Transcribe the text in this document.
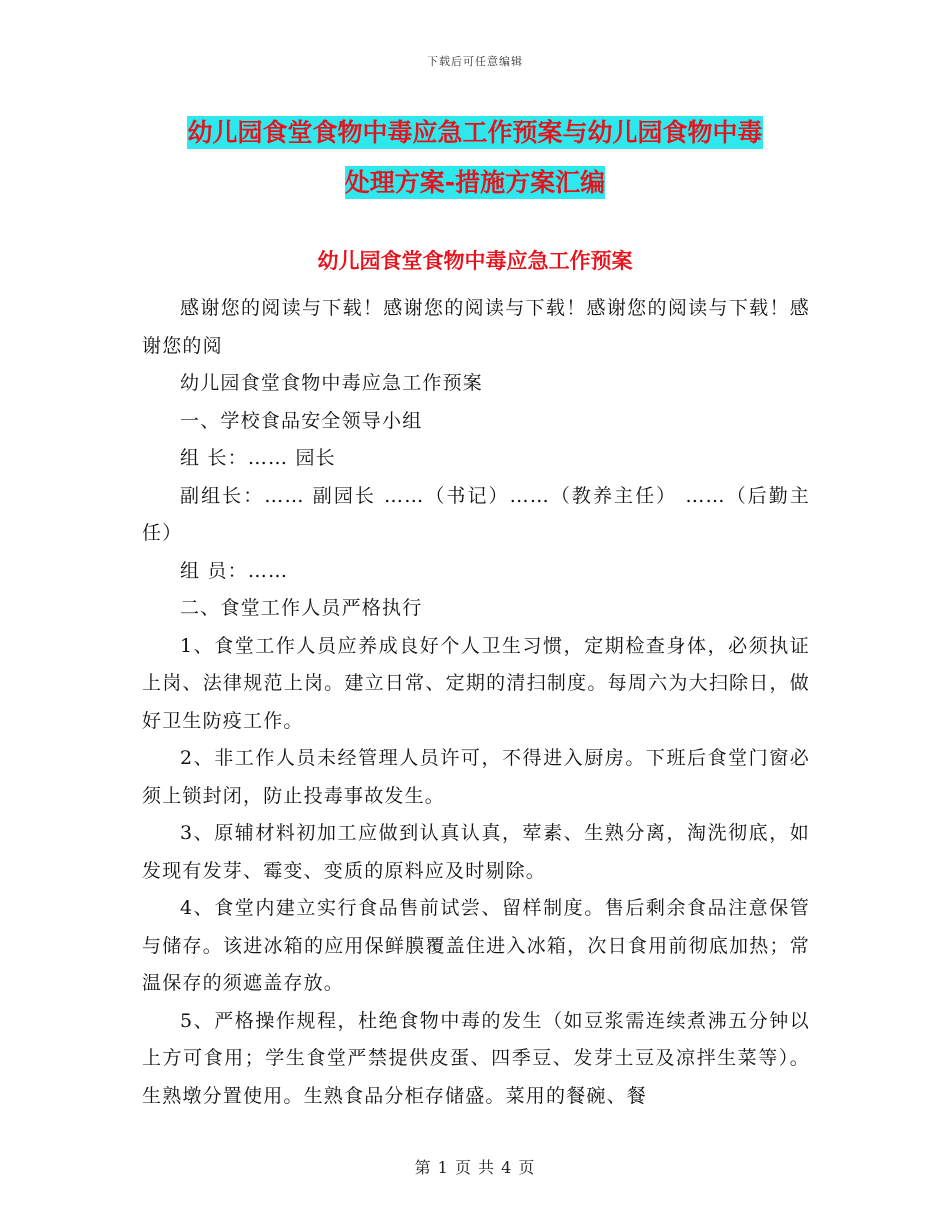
下载后可任意编辑
幼儿园食堂食物中毒应急工作预案与幼儿园食物中毒
处理方案-措施方案汇编
幼儿园食堂食物中毒应急工作预案

感谢您的阅读与下载！感谢您的阅读与下载！感谢您的阅读与下载！感谢您的阅

幼儿园食堂食物中毒应急工作预案

一、学校食品安全领导小组

组 长：…… 园长

副组长：…… 副园长 ……（书记）……（教养主任） ……（后勤主任）

组 员：……

二、食堂工作人员严格执行

1、食堂工作人员应养成良好个人卫生习惯，定期检查身体，必须执证上岗、法律规范上岗。建立日常、定期的清扫制度。每周六为大扫除日，做好卫生防疫工作。

2、非工作人员未经管理人员许可，不得进入厨房。下班后食堂门窗必须上锁封闭，防止投毒事故发生。

3、原辅材料初加工应做到认真认真，荤素、生熟分离，淘洗彻底，如发现有发芽、霉变、变质的原料应及时剔除。

4、食堂内建立实行食品售前试尝、留样制度。售后剩余食品注意保管与储存。该进冰箱的应用保鲜膜覆盖住进入冰箱，次日食用前彻底加热；常温保存的须遮盖存放。

5、严格操作规程，杜绝食物中毒的发生（如豆浆需连续煮沸五分钟以上方可食用；学生食堂严禁提供皮蛋、四季豆、发芽土豆及凉拌生菜等）。生熟墩分置使用。生熟食品分柜存储盛。菜用的餐碗、餐

第 1 页 共 4 页
